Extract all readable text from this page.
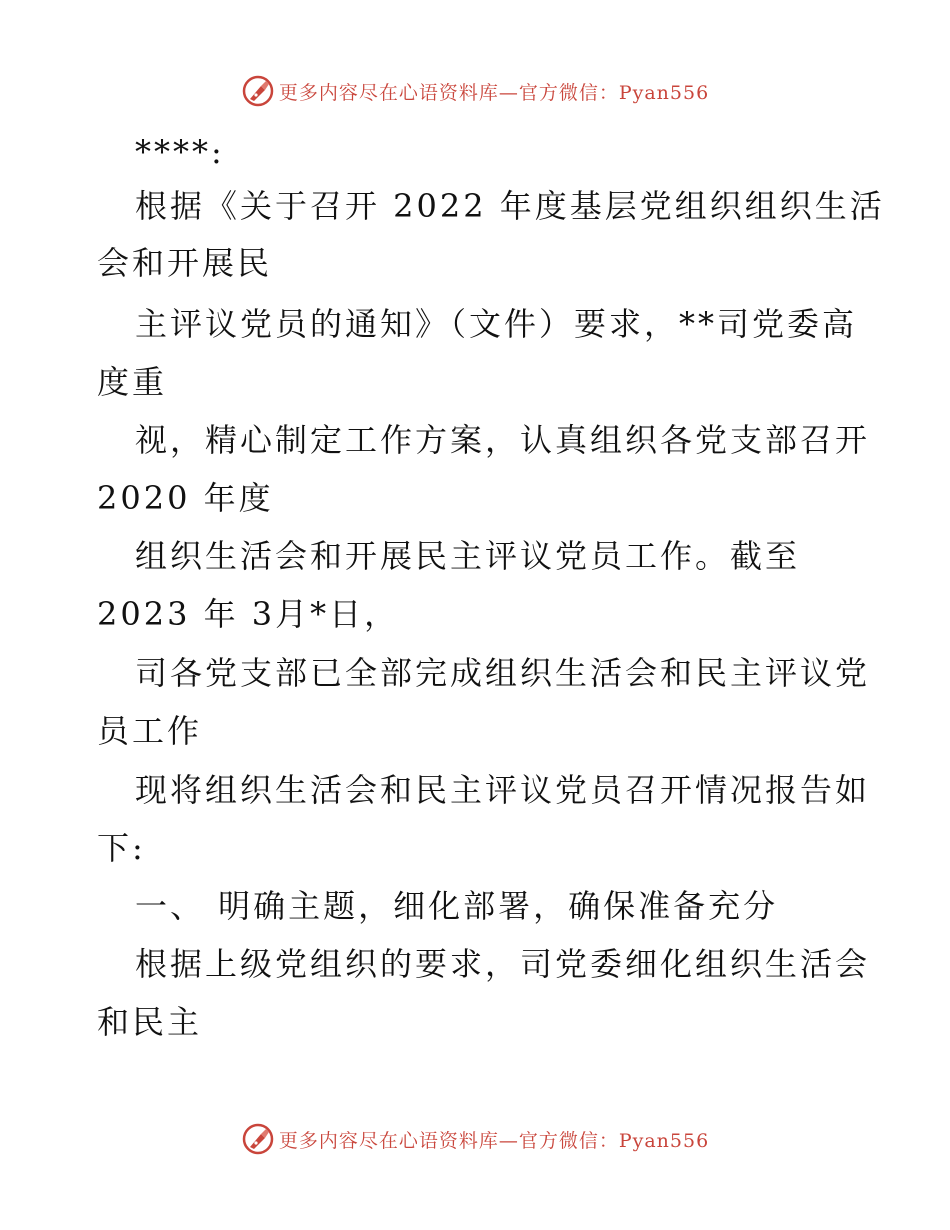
更多内容尽在心语资料库—官方微信：Pyan556
****:
根据《关于召开 2022 年度基层党组织组织生活
会和开展民
主评议党员的通知》（文件）要求，**司党委高
度重
视，精心制定工作方案，认真组织各党支部召开
2020 年度
组织生活会和开展民主评议党员工作。截至
2023 年 3月*日，
司各党支部已全部完成组织生活会和民主评议党
员工作
现将组织生活会和民主评议党员召开情况报告如
下:
一、 明确主题，细化部署，确保准备充分
根据上级党组织的要求，司党委细化组织生活会
和民主
更多内容尽在心语资料库—官方微信：Pyan556
